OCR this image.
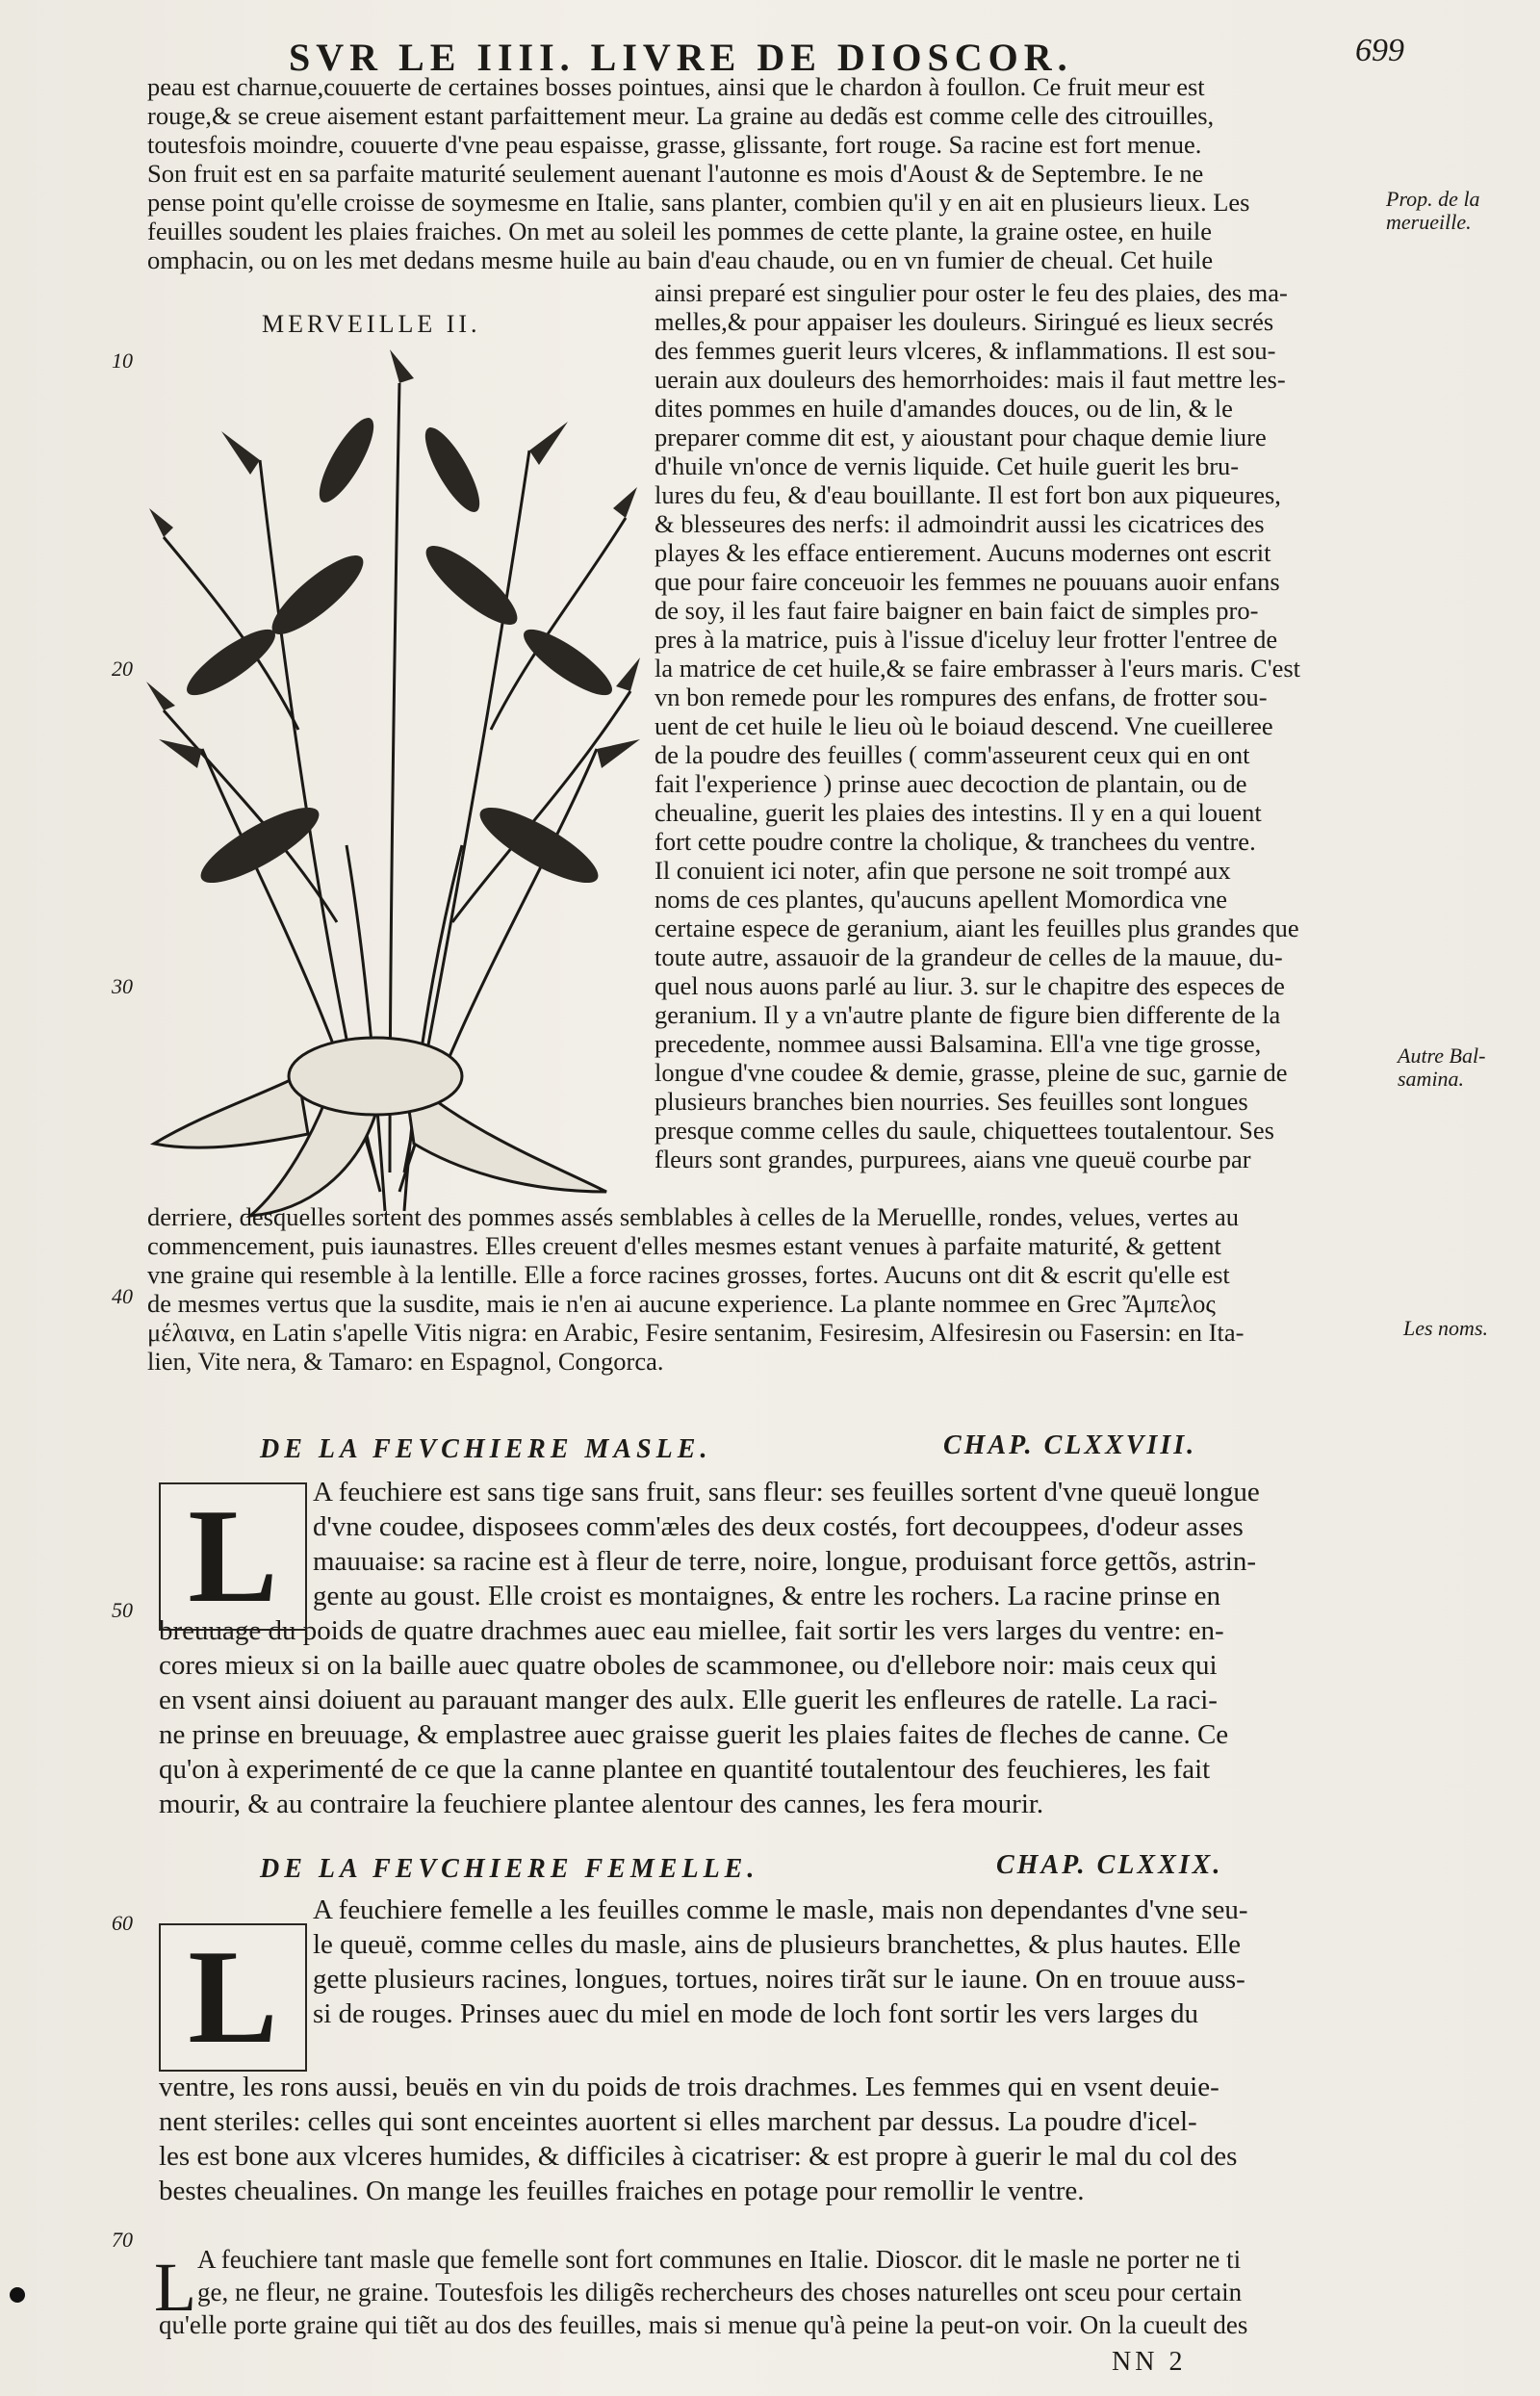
SVR LE IIII. LIVRE DE DIOSCOR.	699
peau est charnue,couuerte de certaines bosses pointues, ainsi que le chardon à foullon. Ce fruit meur est
rouge,& se creue aisement estant parfaittement meur. La graine au dedãs est comme celle des citrouilles,
toutesfois moindre, couuerte d'vne peau espaisse, grasse, glissante, fort rouge. Sa racine est fort menue.
Son fruit est en sa parfaite maturité seulement auenant l'autonne es mois d'Aoust & de Septembre. Ie ne
pense point qu'elle croisse de soymesme en Italie, sans planter, combien qu'il y en ait en plusieurs lieux. Les
feuilles soudent les plaies fraiches. On met au soleil les pommes de cette plante, la graine ostee, en huile
omphacin, ou on les met dedans mesme huile au bain d'eau chaude, ou en vn fumier de cheual. Cet huile
ainsi preparé est singulier pour oster le feu des plaies, des ma-
melles,& pour appaiser les douleurs. Siringué es lieux secrés
des femmes guerit leurs vlceres, & inflammations. Il est sou-
uerain aux douleurs des hemorrhoides: mais il faut mettre les-
dites pommes en huile d'amandes douces, ou de lin, & le
preparer comme dit est, y aioustant pour chaque demie liure
d'huile vn'once de vernis liquide. Cet huile guerit les bru-
lures du feu, & d'eau bouillante. Il est fort bon aux piqueures,
& blesseures des nerfs: il admoindrit aussi les cicatrices des
playes & les efface entierement. Aucuns modernes ont escrit
que pour faire conceuoir les femmes ne pouuans auoir enfans
de soy, il les faut faire baigner en bain faict de simples pro-
pres à la matrice, puis à l'issue d'iceluy leur frotter l'entree de
la matrice de cet huile,& se faire embrasser à l'eurs maris. C'est
vn bon remede pour les rompures des enfans, de frotter sou-
uent de cet huile le lieu où le boiaud descend. Vne cueilleree
de la poudre des feuilles ( comm'asseurent ceux qui en ont
fait l'experience ) prinse auec decoction de plantain, ou de
cheualine, guerit les plaies des intestins. Il y en a qui louent
fort cette poudre contre la cholique, & tranchees du ventre.
Il conuient ici noter, afin que persone ne soit trompé aux
noms de ces plantes, qu'aucuns apellent Momordica vne
certaine espece de geranium, aiant les feuilles plus grandes que
toute autre, assauoir de la grandeur de celles de la mauue, du-
quel nous auons parlé au liur. 3. sur le chapitre des especes de
geranium. Il y a vn'autre plante de figure bien differente de la
precedente, nommee aussi Balsamina. Ell'a vne tige grosse,
longue d'vne coudee & demie, grasse, pleine de suc, garnie de
plusieurs branches bien nourries. Ses feuilles sont longues
presque comme celles du saule, chiquettees toutalentour. Ses
fleurs sont grandes, purpurees, aians vne queuë courbe par
derriere, desquelles sortent des pommes assés semblables à celles de la Meruellle, rondes, velues, vertes au
commencement, puis iaunastres. Elles creuent d'elles mesmes estant venues à parfaite maturité, & gettent
vne graine qui resemble à la lentille. Elle a force racines grosses, fortes. Aucuns ont dit & escrit qu'elle est
de mesmes vertus que la susdite, mais ie n'en ai aucune experience. La plante nommee en Grec Ἄμπελος
μέλαινα, en Latin s'apelle Vitis nigra: en Arabic, Fesire sentanim, Fesiresim, Alfesiresin ou Fasersin: en Ita-
lien, Vite nera, & Tamaro: en Espagnol, Congorca.
DE LA FEVCHIERE MASLE.	CHAP. CLXXVIII.
L	A feuchiere est sans tige sans fruit, sans fleur: ses feuilles sortent d'vne queuë longue
d'vne coudee, disposees comm'æles des deux costés, fort decouppees, d'odeur asses
mauuaise: sa racine est à fleur de terre, noire, longue, produisant force gettõs, astrin-
gente au goust. Elle croist es montaignes, & entre les rochers. La racine prinse en
breuuage du poids de quatre drachmes auec eau miellee, fait sortir les vers larges du ventre: en-
cores mieux si on la baille auec quatre oboles de scammonee, ou d'ellebore noir: mais ceux qui
en vsent ainsi doiuent au parauant manger des aulx. Elle guerit les enfleures de ratelle. La raci-
ne prinse en breuuage, & emplastree auec graisse guerit les plaies faites de fleches de canne. Ce
qu'on à experimenté de ce que la canne plantee en quantité toutalentour des feuchieres, les fait
mourir, & au contraire la feuchiere plantee alentour des cannes, les fera mourir.
DE LA FEVCHIERE FEMELLE.	CHAP. CLXXIX.
L
A feuchiere femelle a les feuilles comme le masle, mais non dependantes d'vne seu-
le queuë, comme celles du masle, ains de plusieurs branchettes, & plus hautes. Elle
gette plusieurs racines, longues, tortues, noires tirãt sur le iaune. On en trouue auss-
si de rouges. Prinses auec du miel en mode de loch font sortir les vers larges du
ventre, les rons aussi, beuës en vin du poids de trois drachmes. Les femmes qui en vsent deuie-
nent steriles: celles qui sont enceintes auortent si elles marchent par dessus. La poudre d'icel-
les est bone aux vlceres humides, & difficiles à cicatriser: & est propre à guerir le mal du col des
bestes cheualines. On mange les feuilles fraiches en potage pour remollir le ventre.
L A feuchiere tant masle que femelle sont fort communes en Italie. Dioscor. dit le masle ne porter ne ti
ge, ne fleur, ne graine. Toutesfois les diligẽs rechercheurs des choses naturelles ont sceu pour certain
qu'elle porte graine qui tiẽt au dos des feuilles, mais si menue qu'à peine la peut-on voir. On la cueult des
MERVEILLE II.
Prop. de la merueille.
Autre Bal-samina.
Les noms.
10
20
30
40
50
60
70
NN 2
